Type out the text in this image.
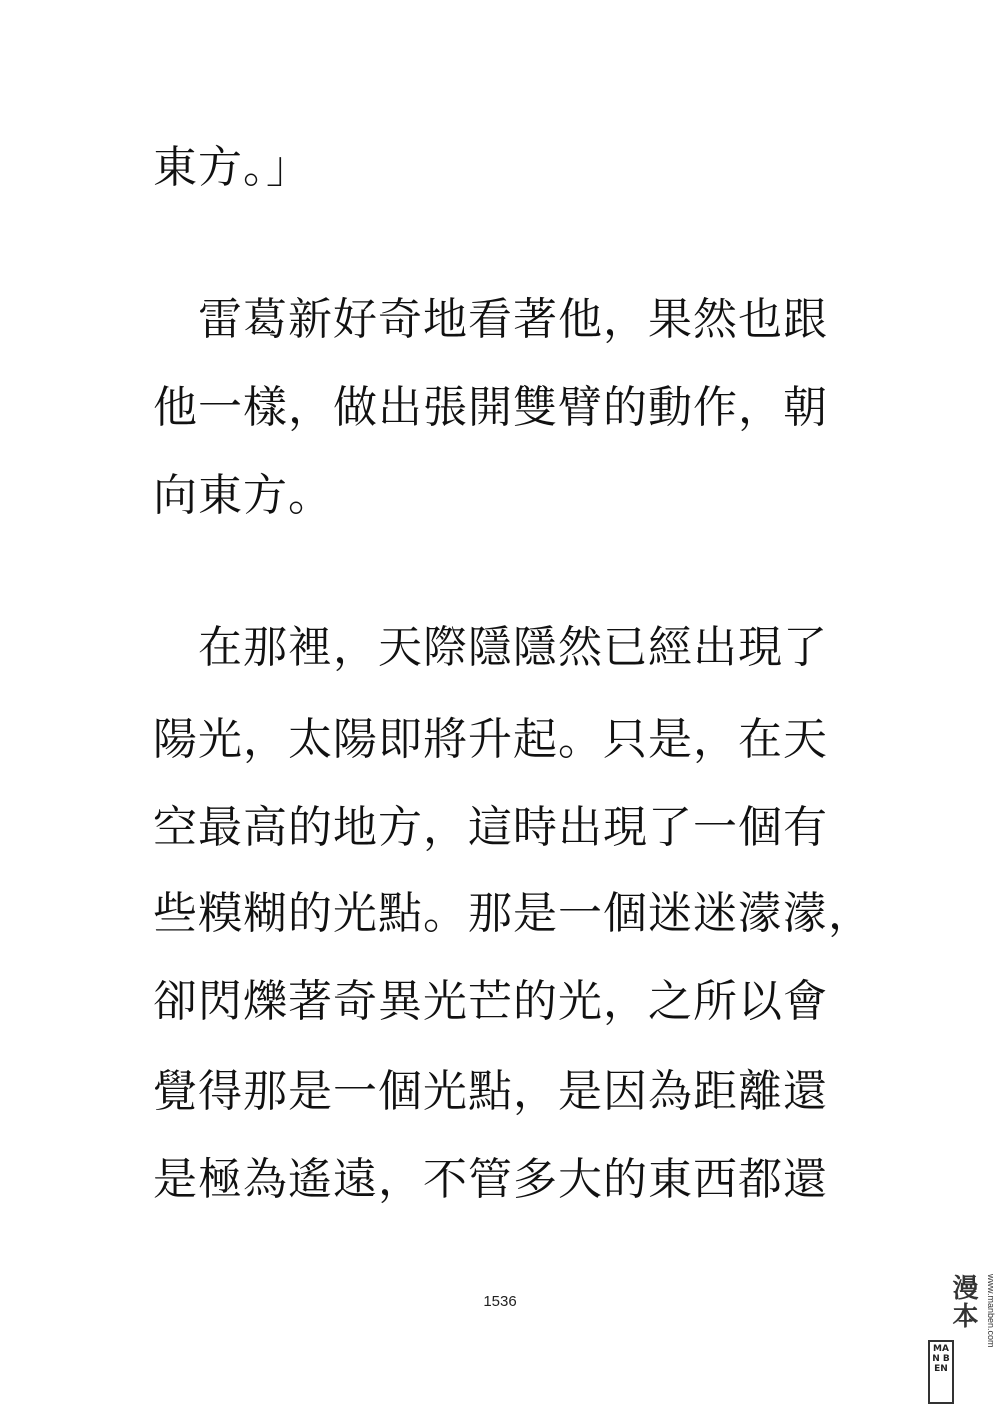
東方。」
　雷葛新好奇地看著他，果然也跟
他一樣，做出張開雙臂的動作，朝
向東方。
　在那裡，天際隱隱然已經出現了
陽光，太陽即將升起。只是，在天
空最高的地方，這時出現了一個有
些糢糊的光點。那是一個迷迷濛濛，
卻閃爍著奇異光芒的光，之所以會
覺得那是一個光點，是因為距離還
是極為遙遠，不管多大的東西都還
1536
MAN BEN
漫本 www.manben.com
